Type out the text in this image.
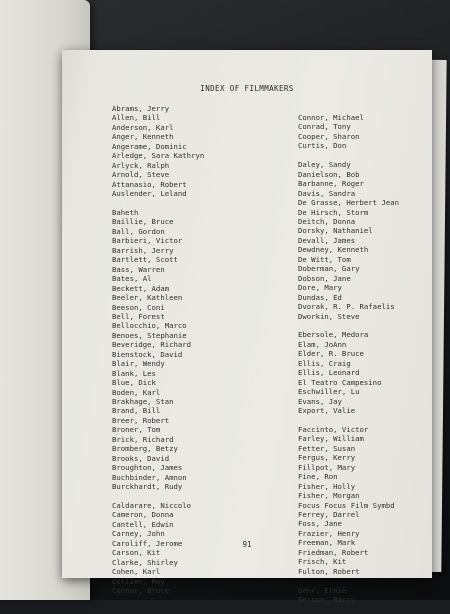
INDEX OF FILMMAKERS
Abrams, Jerry
Allen, Bill
Anderson, Karl
Anger, Kenneth
Angerame, Dominic
Arledge, Sara Kathryn
Arlyck, Ralph
Arnold, Steve
Attanasio, Robert
Auslender, Leland
Baheth
Baillie, Bruce
Ball, Gordon
Barbieri, Victor
Barrish, Jerry
Bartlett, Scott
Bass, Warren
Bates, Al
Beckett, Adam
Beeler, Kathleen
Beeson, Coni
Bell, Forest
Bellocchio, Marco
Benoes, Stephanie
Beveridge, Richard
Bienstock, David
Blair, Wendy
Blank, Les
Blue, Dick
Boden, Karl
Brakhage, Stan
Brand, Bill
Breer, Robert
Broner, Tom
Brick, Richard
Bromberg, Betzy
Brooks, David
Broughton, James
Buchbinder, Amnon
Burckhardt, Rudy
Caldarare, Niccolo
Cameron, Donna
Cantell, Edwin
Carney, John
Caroliff, Jerome
Carson, Kit
Clarke, Shirley
Cohen, Karl
Collier, Roy
Connor, Bruce
Connor, Michael
Conrad, Tony
Cooper, Sharon
Curtis, Don
Daley, Sandy
Danielson, Bob
Barbanne, Roger
Davis, Sandra
De Grasse, Herbert Jean
De Hirsch, Storm
Deitch, Donna
Dorsky, Nathaniel
Devall, James
Dewdney, Kenneth
De Witt, Tom
Doberman, Gary
Dobson, Jane
Dore, Mary
Dundas, Ed
Dvorak, R. P. Rafaelis
Dworkin, Steve
Ebersole, Medora
Elam, JoAnn
Elder, R. Bruce
Ellis, Craig
Ellis, Leonard
El Teatro Campesino
Eschwiller, Lu
Evans, Jay
Export, Valie
Faccinto, Victor
Farley, William
Fetter, Susan
Fergus, Kerry
Fillpot, Mary
Fine, Ron
Fisher, Holly
Fisher, Morgan
Focus Focus Film Symbd
Ferrey, Darrel
Foss, Jane
Frazier, Henry
Freeman, Mark
Friedman, Robert
Frisch, Kit
Fulton, Robert
Gehr, Ernie
Gerson, Barry
91
